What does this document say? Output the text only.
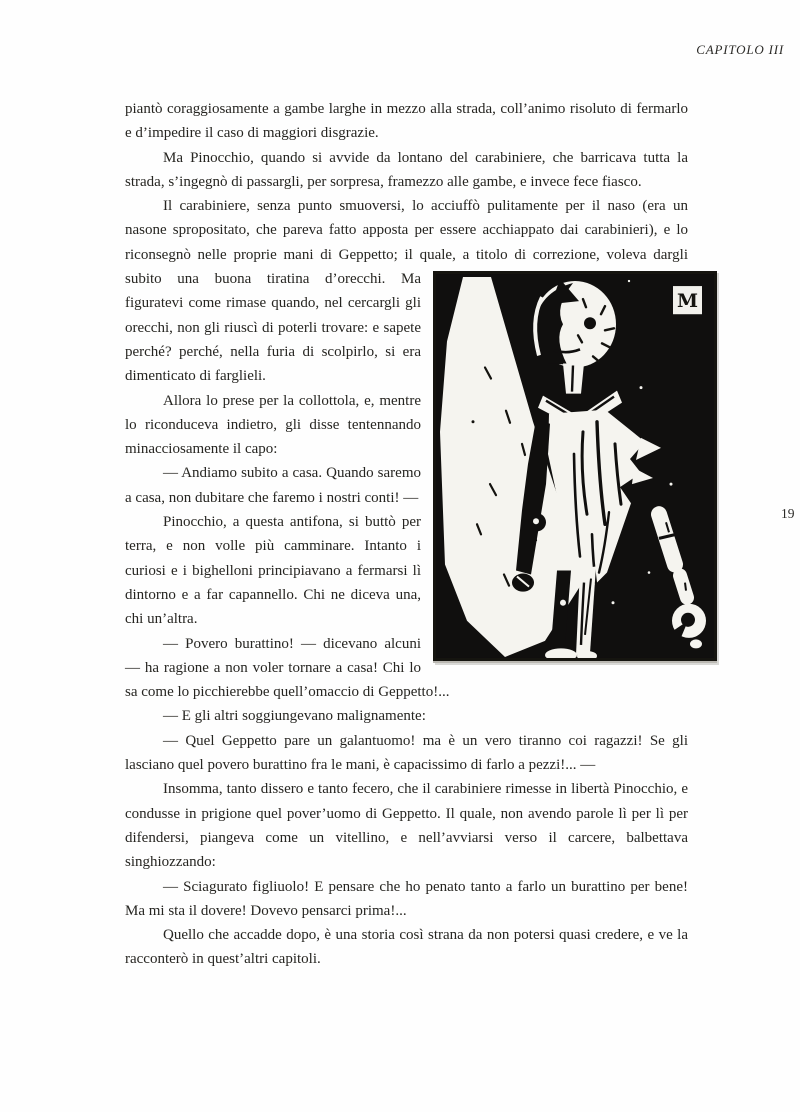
CAPITOLO III
19

piantò coraggiosamente a gambe larghe in mezzo alla strada, coll’animo risoluto di fermarlo e d’impedire il caso di maggiori disgrazie.

Ma Pinocchio, quando si avvide da lontano del carabiniere, che barricava tutta la strada, s’ingegnò di passargli, per sorpresa, framezzo alle gambe, e invece fece fiasco.

Il carabiniere, senza punto smuoversi, lo acciuffò pulitamente per il naso (era un nasone spropositato, che pareva fatto apposta per essere acchiappato dai carabinieri), e lo riconsegnò nelle proprie mani di Geppetto; il quale, a titolo di correzione, voleva dargli subito una buona tiratina d’orecchi.
M
Ma figuratevi come rimase quando, nel cercargli gli orecchi, non gli riuscì di poterli trovare: e sapete perché? perché, nella furia di scolpirlo, si era dimenticato di farglieli.

Allora lo prese per la collottola, e, mentre lo riconduceva indietro, gli disse tentennando minacciosamente il capo:

— Andiamo subito a casa. Quando saremo a casa, non dubitare che faremo i nostri conti! —

Pinocchio, a questa antifona, si buttò per terra, e non volle più camminare. Intanto i curiosi e i bighelloni principiavano a fermarsi lì dintorno e a far capannello. Chi ne diceva una, chi un’altra.

— Povero burattino! — dicevano alcuni — ha ragione a non voler tornare a casa! Chi lo sa come lo picchierebbe quell’omaccio di Geppetto!...

— E gli altri soggiungevano malignamente:

— Quel Geppetto pare un galantuomo! ma è un vero tiranno coi ragazzi! Se gli lasciano quel povero burattino fra le mani, è capacissimo di farlo a pezzi!... —

Insomma, tanto dissero e tanto fecero, che il carabiniere rimesse in libertà Pinocchio, e condusse in prigione quel pover’uomo di Geppetto. Il quale, non avendo parole lì per lì per difendersi, piangeva come un vitellino, e nell’avviarsi verso il carcere, balbettava singhiozzando:

— Sciagurato figliuolo! E pensare che ho penato tanto a farlo un burattino per bene! Ma mi sta il dovere! Dovevo pensarci prima!...

Quello che accadde dopo, è una storia così strana da non potersi quasi credere, e ve la racconterò in quest’altri capitoli.
